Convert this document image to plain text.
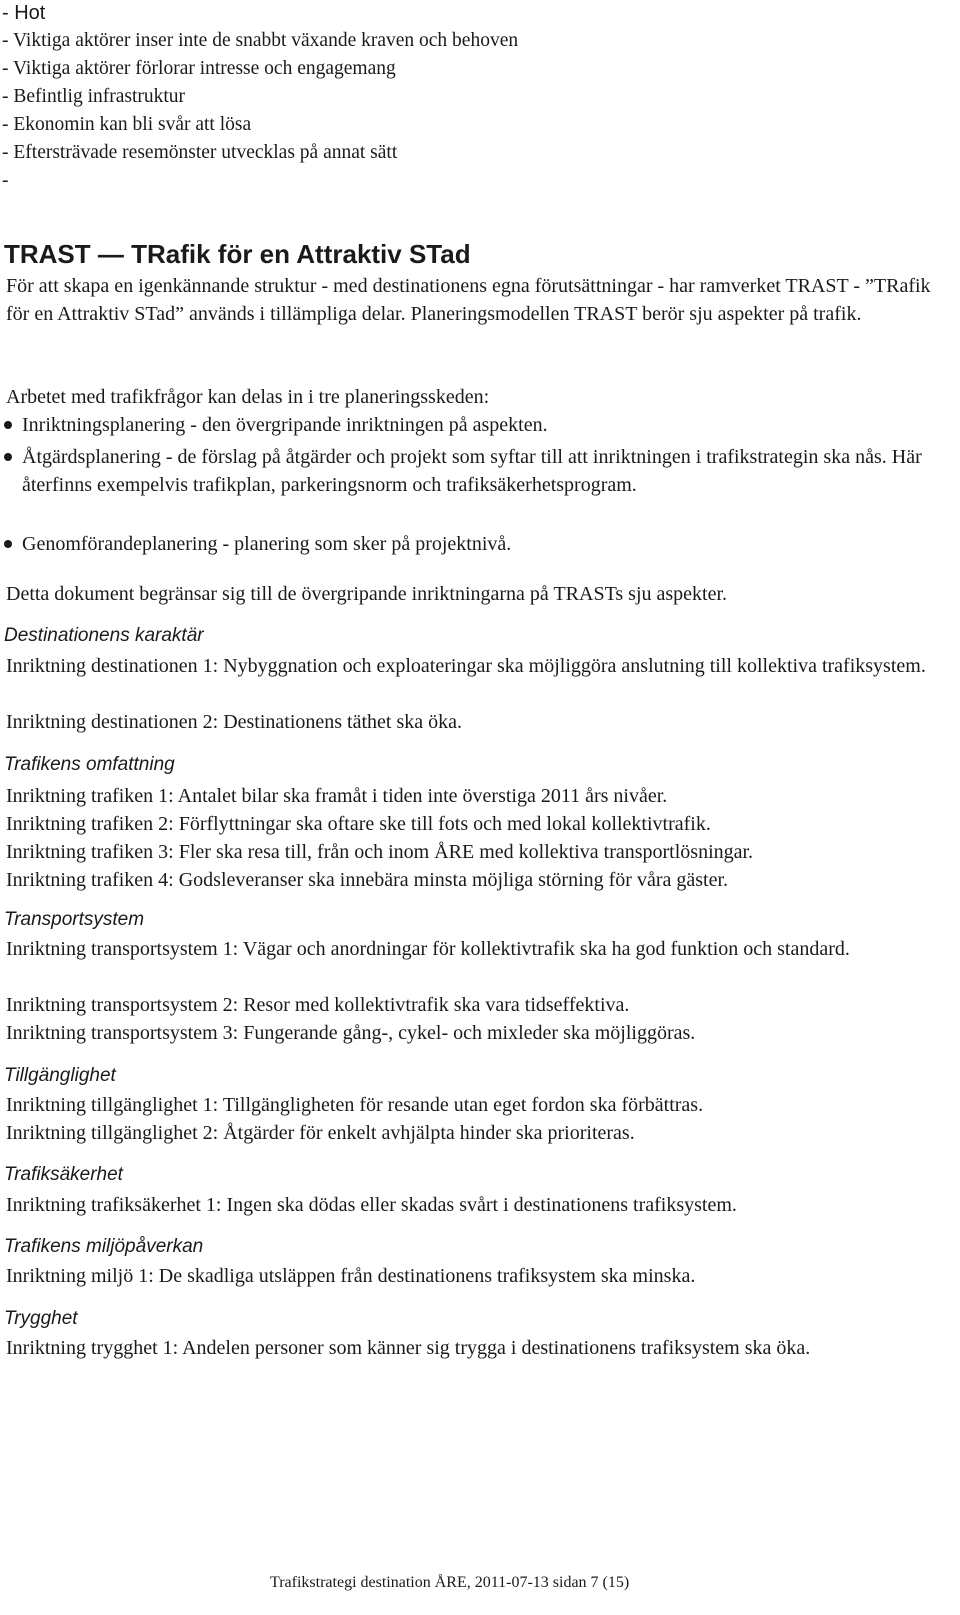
- Hot
- Viktiga aktörer inser inte de snabbt växande kraven och behoven
- Viktiga aktörer förlorar intresse och engagemang
- Befintlig infrastruktur
- Ekonomin kan bli svår att lösa
- Eftersträvade resemönster utvecklas på annat sätt
-
TRAST — TRafik för en Attraktiv STad
För att skapa en igenkännande struktur - med destinationens egna förutsättningar - har ramverket TRAST - ”TRafik för en Attraktiv STad” används i tillämpliga delar. Planeringsmodellen TRAST berör sju aspekter på trafik.
Arbetet med trafikfrågor kan delas in i tre planeringsskeden:
Inriktningsplanering - den övergripande inriktningen på aspekten.
Åtgärdsplanering - de förslag på åtgärder och projekt som syftar till att inriktningen i trafikstrategin ska nås. Här återfinns exempelvis trafikplan, parkeringsnorm och trafiksäkerhetsprogram.
Genomförandeplanering - planering som sker på projektnivå.
Detta dokument begränsar sig till de övergripande inriktningarna på TRASTs sju aspekter.
Destinationens karaktär
Inriktning destinationen 1: Nybyggnation och exploateringar ska möjliggöra anslutning till kollektiva trafiksystem.
Inriktning destinationen 2: Destinationens täthet ska öka.
Trafikens omfattning
Inriktning trafiken 1: Antalet bilar ska framåt i tiden inte överstiga 2011 års nivåer.
Inriktning trafiken 2: Förflyttningar ska oftare ske till fots och med lokal kollektivtrafik.
Inriktning trafiken 3: Fler ska resa till, från och inom ÅRE med kollektiva transportlösningar.
Inriktning trafiken 4: Godsleveranser ska innebära minsta möjliga störning för våra gäster.
Transportsystem
Inriktning transportsystem 1: Vägar och anordningar för kollektivtrafik ska ha god funktion och standard.
Inriktning transportsystem 2: Resor med kollektivtrafik ska vara tidseffektiva.
Inriktning transportsystem 3: Fungerande gång-, cykel- och mixleder ska möjliggöras.
Tillgänglighet
Inriktning tillgänglighet 1: Tillgängligheten för resande utan eget fordon ska förbättras.
Inriktning tillgänglighet 2: Åtgärder för enkelt avhjälpta hinder ska prioriteras.
Trafiksäkerhet
Inriktning trafiksäkerhet 1: Ingen ska dödas eller skadas svårt i destinationens trafiksystem.
Trafikens miljöpåverkan
Inriktning miljö 1: De skadliga utsläppen från destinationens trafiksystem ska minska.
Trygghet
Inriktning trygghet 1: Andelen personer som känner sig trygga i destinationens trafiksystem ska öka.
Trafikstrategi destination ÅRE, 2011-07-13 sidan 7 (15)
